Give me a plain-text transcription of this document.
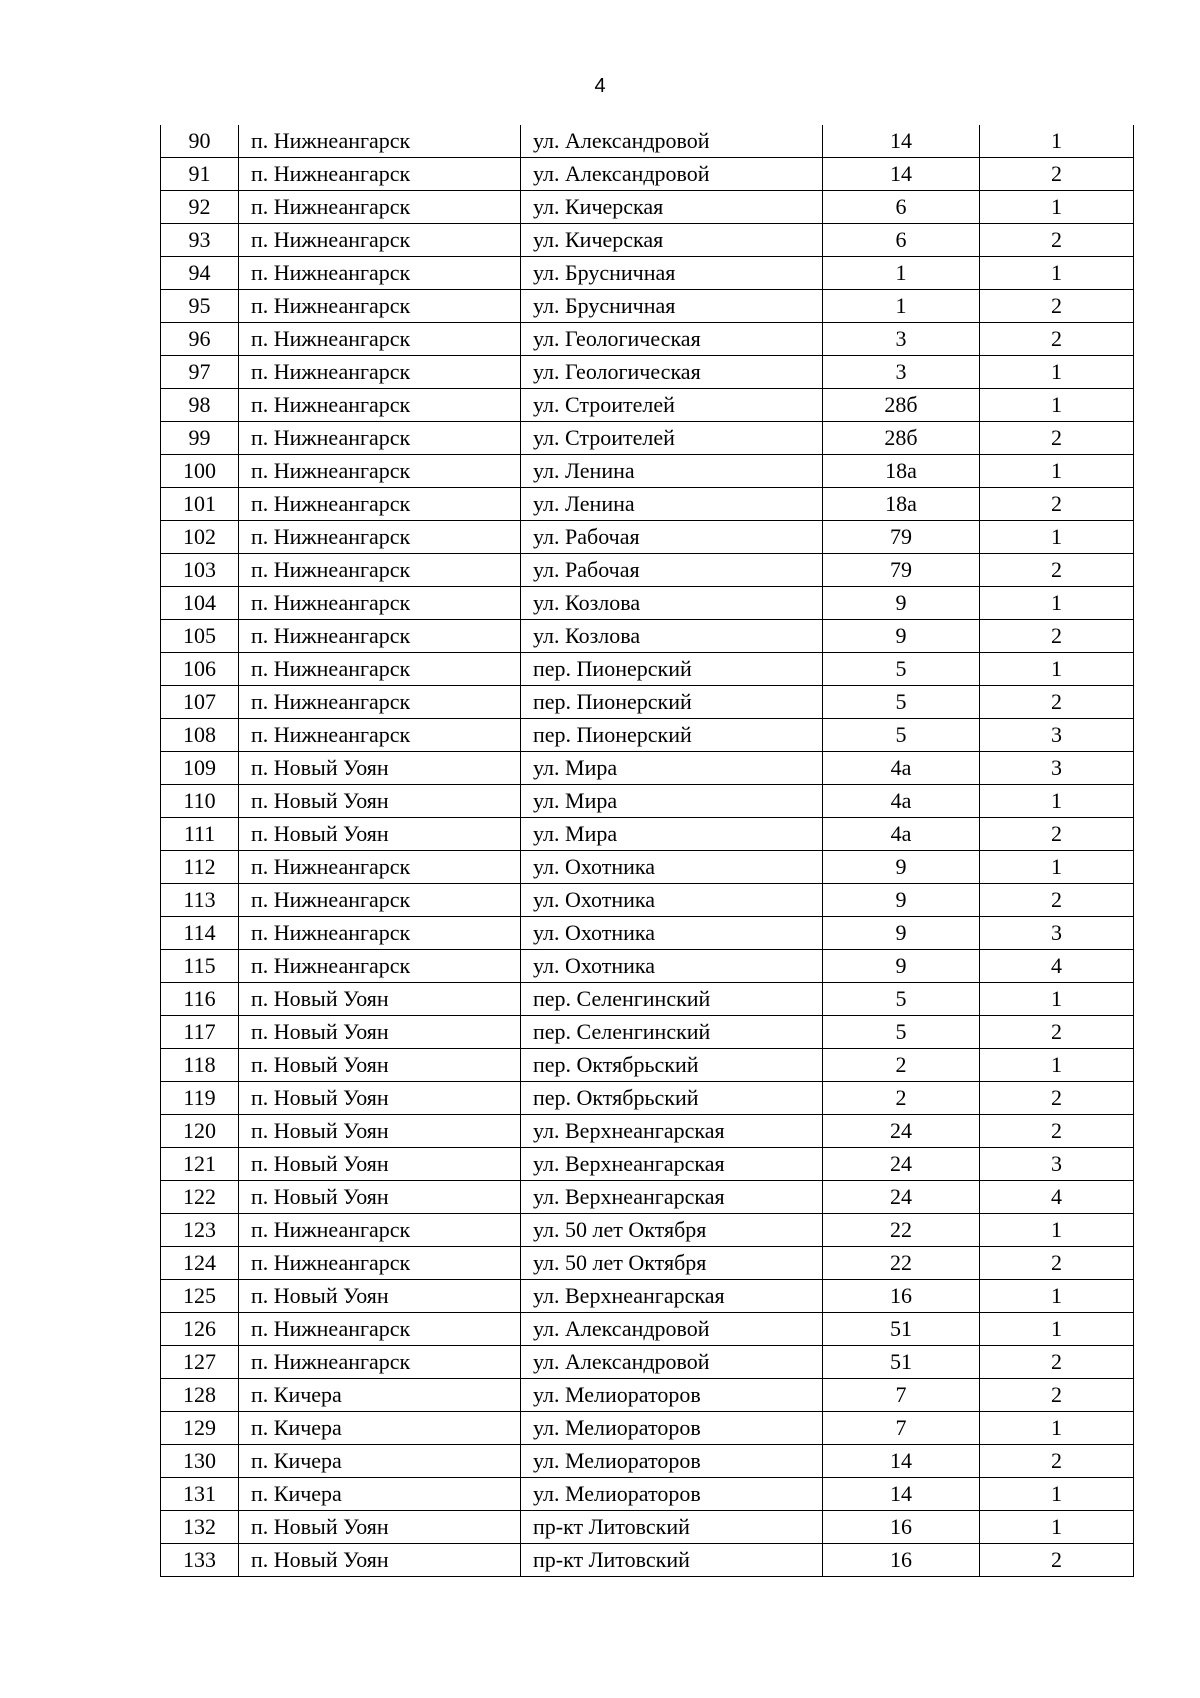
4
90	п. Нижнеангарск	ул. Александровой	14	1
91	п. Нижнеангарск	ул. Александровой	14	2
92	п. Нижнеангарск	ул. Кичерская	6	1
93	п. Нижнеангарск	ул. Кичерская	6	2
94	п. Нижнеангарск	ул. Брусничная	1	1
95	п. Нижнеангарск	ул. Брусничная	1	2
96	п. Нижнеангарск	ул. Геологическая	3	2
97	п. Нижнеангарск	ул. Геологическая	3	1
98	п. Нижнеангарск	ул. Строителей	28б	1
99	п. Нижнеангарск	ул. Строителей	28б	2
100	п. Нижнеангарск	ул. Ленина	18а	1
101	п. Нижнеангарск	ул. Ленина	18а	2
102	п. Нижнеангарск	ул. Рабочая	79	1
103	п. Нижнеангарск	ул. Рабочая	79	2
104	п. Нижнеангарск	ул. Козлова	9	1
105	п. Нижнеангарск	ул. Козлова	9	2
106	п. Нижнеангарск	пер. Пионерский	5	1
107	п. Нижнеангарск	пер. Пионерский	5	2
108	п. Нижнеангарск	пер. Пионерский	5	3
109	п. Новый Уоян	ул. Мира	4а	3
110	п. Новый Уоян	ул. Мира	4а	1
111	п. Новый Уоян	ул. Мира	4а	2
112	п. Нижнеангарск	ул. Охотника	9	1
113	п. Нижнеангарск	ул. Охотника	9	2
114	п. Нижнеангарск	ул. Охотника	9	3
115	п. Нижнеангарск	ул. Охотника	9	4
116	п. Новый Уоян	пер. Селенгинский	5	1
117	п. Новый Уоян	пер. Селенгинский	5	2
118	п. Новый Уоян	пер. Октябрьский	2	1
119	п. Новый Уоян	пер. Октябрьский	2	2
120	п. Новый Уоян	ул. Верхнеангарская	24	2
121	п. Новый Уоян	ул. Верхнеангарская	24	3
122	п. Новый Уоян	ул. Верхнеангарская	24	4
123	п. Нижнеангарск	ул. 50 лет Октября	22	1
124	п. Нижнеангарск	ул. 50 лет Октября	22	2
125	п. Новый Уоян	ул. Верхнеангарская	16	1
126	п. Нижнеангарск	ул. Александровой	51	1
127	п. Нижнеангарск	ул. Александровой	51	2
128	п. Кичера	ул. Мелиораторов	7	2
129	п. Кичера	ул. Мелиораторов	7	1
130	п. Кичера	ул. Мелиораторов	14	2
131	п. Кичера	ул. Мелиораторов	14	1
132	п. Новый Уоян	пр-кт Литовский	16	1
133	п. Новый Уоян	пр-кт Литовский	16	2
